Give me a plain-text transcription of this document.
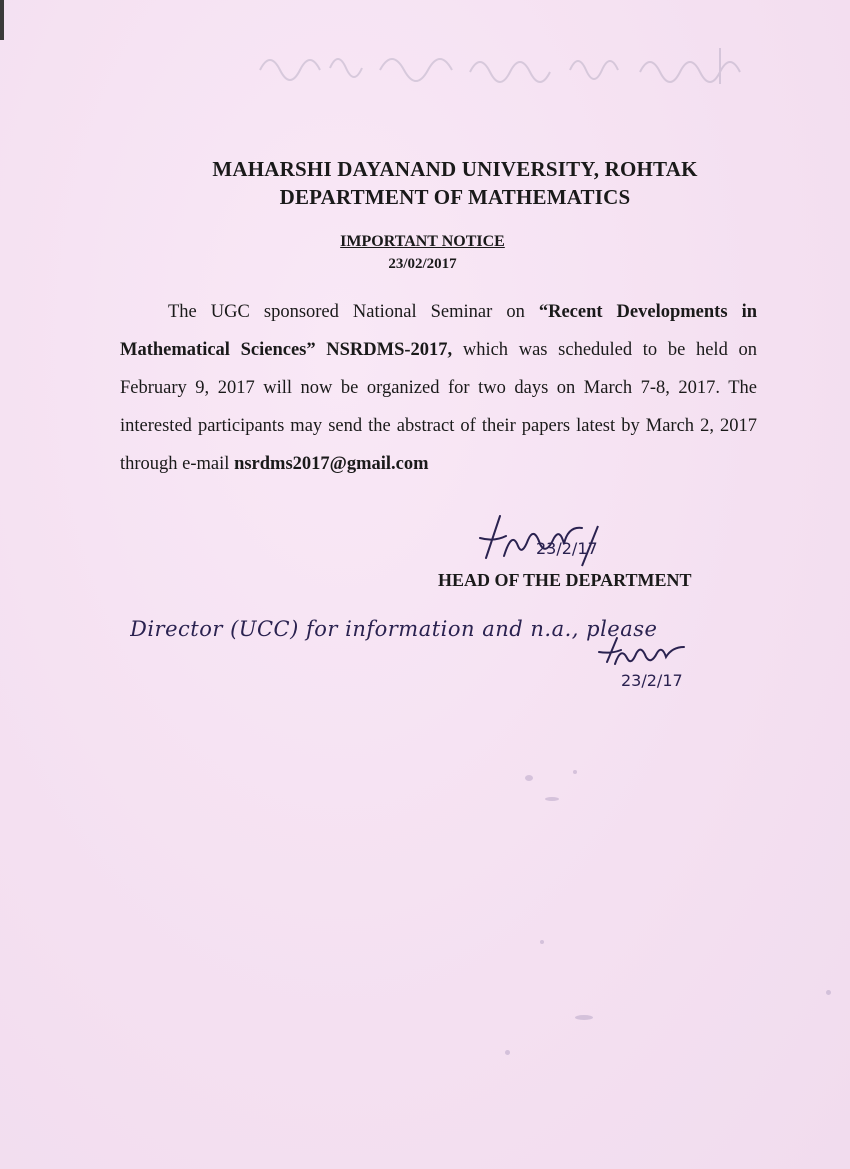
MAHARSHI DAYANAND UNIVERSITY, ROHTAK
DEPARTMENT OF MATHEMATICS
IMPORTANT NOTICE
23/02/2017
The UGC sponsored National Seminar on “Recent Developments in Mathematical Sciences” NSRDMS-2017, which was scheduled to be held on February 9, 2017 will now be organized for two days on March 7-8, 2017. The interested participants may send the abstract of their papers latest by March 2, 2017 through e-mail nsrdms2017@gmail.com
23/2/17
HEAD OF THE DEPARTMENT
Director (UCC) for information and n.a., please
23/2/17
